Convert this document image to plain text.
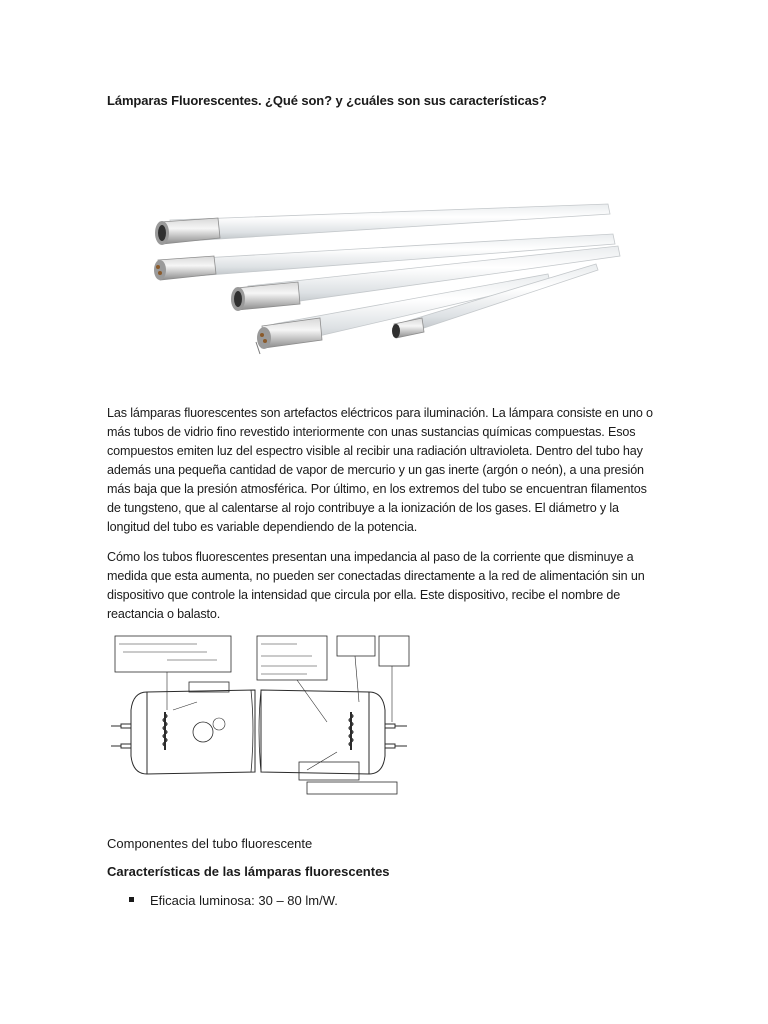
Lámparas Fluorescentes. ¿Qué son? y ¿cuáles son sus características?

Las lámparas fluorescentes son artefactos eléctricos para iluminación. La lámpara consiste en uno o más tubos de vidrio fino revestido interiormente con unas sustancias químicas compuestas. Esos compuestos emiten luz del espectro visible al recibir una radiación ultravioleta. Dentro del tubo hay además una pequeña cantidad de vapor de mercurio y un gas inerte (argón o neón), a una presión más baja que la presión atmosférica. Por último, en los extremos del tubo se encuentran filamentos de tungsteno, que al calentarse al rojo contribuye a la ionización de los gases. El diámetro y la longitud del tubo es variable dependiendo de la potencia.

Cómo los tubos fluorescentes presentan una impedancia al paso de la corriente que disminuye a medida que esta aumenta, no pueden ser conectadas directamente a la red de alimentación sin un dispositivo que controle la intensidad que circula por ella. Este dispositivo, recibe el nombre de reactancia o balasto.

Componentes del tubo fluorescente
Características de las lámparas fluorescentes
Eficacia luminosa: 30 – 80 lm/W.
